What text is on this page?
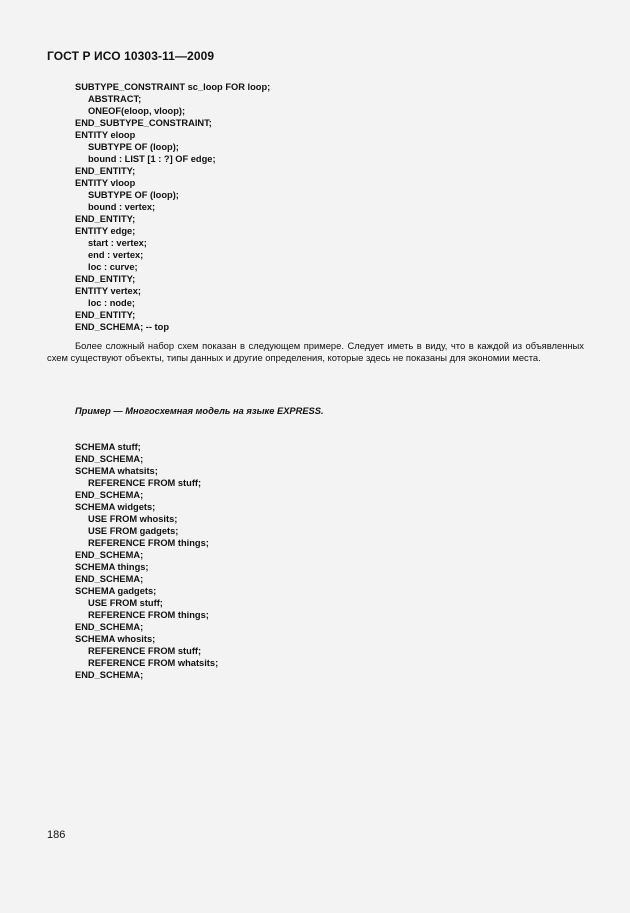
ГОСТ Р ИСО 10303-11—2009
SUBTYPE_CONSTRAINT sc_loop FOR loop;
ABSTRACT;
ONEOF(eloop, vloop);
END_SUBTYPE_CONSTRAINT;
ENTITY eloop
SUBTYPE OF (loop);
bound : LIST [1 : ?] OF edge;
END_ENTITY;
ENTITY vloop
SUBTYPE OF (loop);
bound : vertex;
END_ENTITY;
ENTITY edge;
start : vertex;
end : vertex;
loc : curve;
END_ENTITY;
ENTITY vertex;
loc : node;
END_ENTITY;
END_SCHEMA; -- top
Более сложный набор схем показан в следующем примере. Следует иметь в виду, что в каждой из объявленных схем существуют объекты, типы данных и другие определения, которые здесь не показаны для экономии места.

Пример — Многосхемная модель на языке EXPRESS.

SCHEMA stuff;
END_SCHEMA;
SCHEMA whatsits;
REFERENCE FROM stuff;
END_SCHEMA;
SCHEMA widgets;
USE FROM whosits;
USE FROM gadgets;
REFERENCE FROM things;
END_SCHEMA;
SCHEMA things;
END_SCHEMA;
SCHEMA gadgets;
USE FROM stuff;
REFERENCE FROM things;
END_SCHEMA;
SCHEMA whosits;
REFERENCE FROM stuff;
REFERENCE FROM whatsits;
END_SCHEMA;

186
